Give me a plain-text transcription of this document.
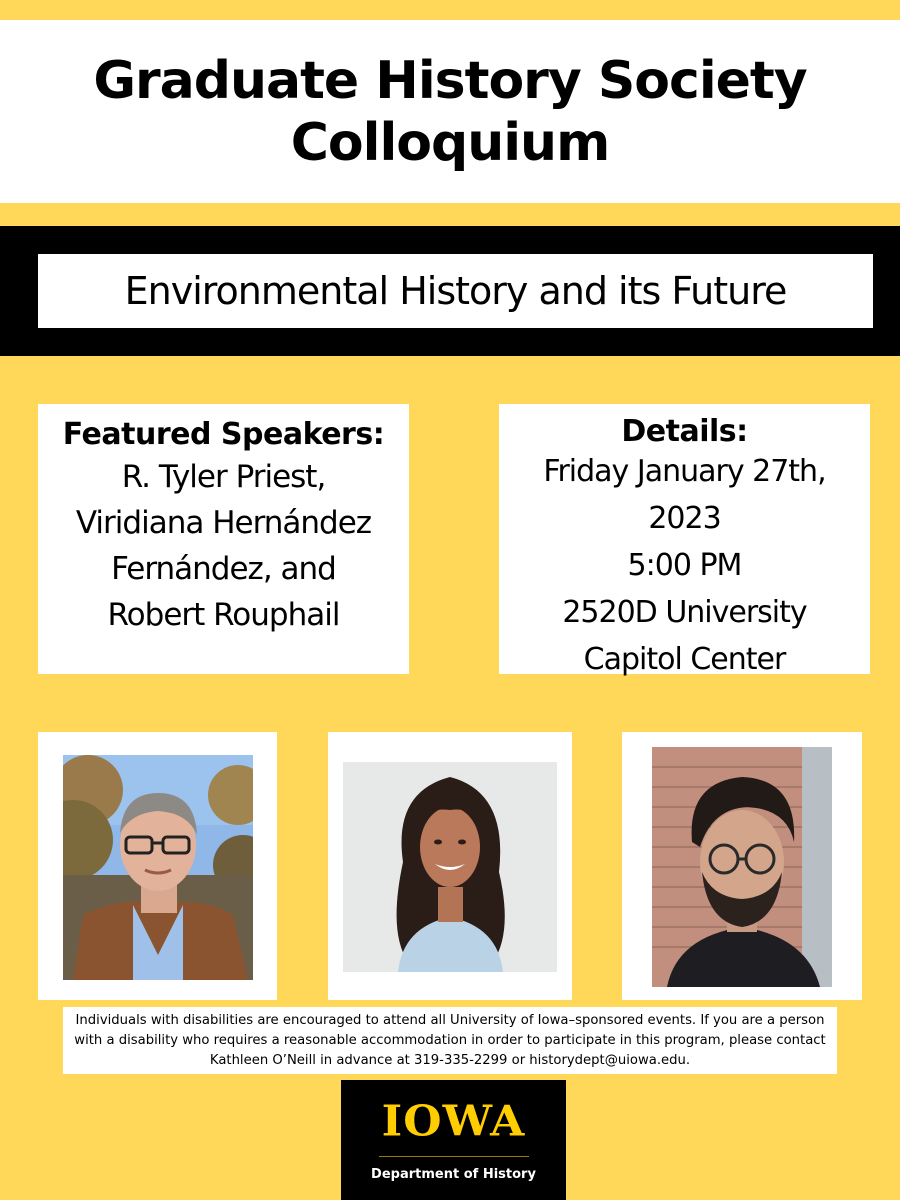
Graduate History Society
Colloquium
Environmental History and its Future
Featured Speakers:
R. Tyler Priest,
Viridiana Hernández
Fernández, and
Robert Rouphail
Details:
Friday January 27th,
2023
5:00 PM
2520D University
Capitol Center
Individuals with disabilities are encouraged to attend all University of Iowa–sponsored events. If you are a person with a disability who requires a reasonable accommodation in order to participate in this program, please contact Kathleen O’Neill in advance at 319-335-2299 or historydept@uiowa.edu.
IOWA
Department of History
